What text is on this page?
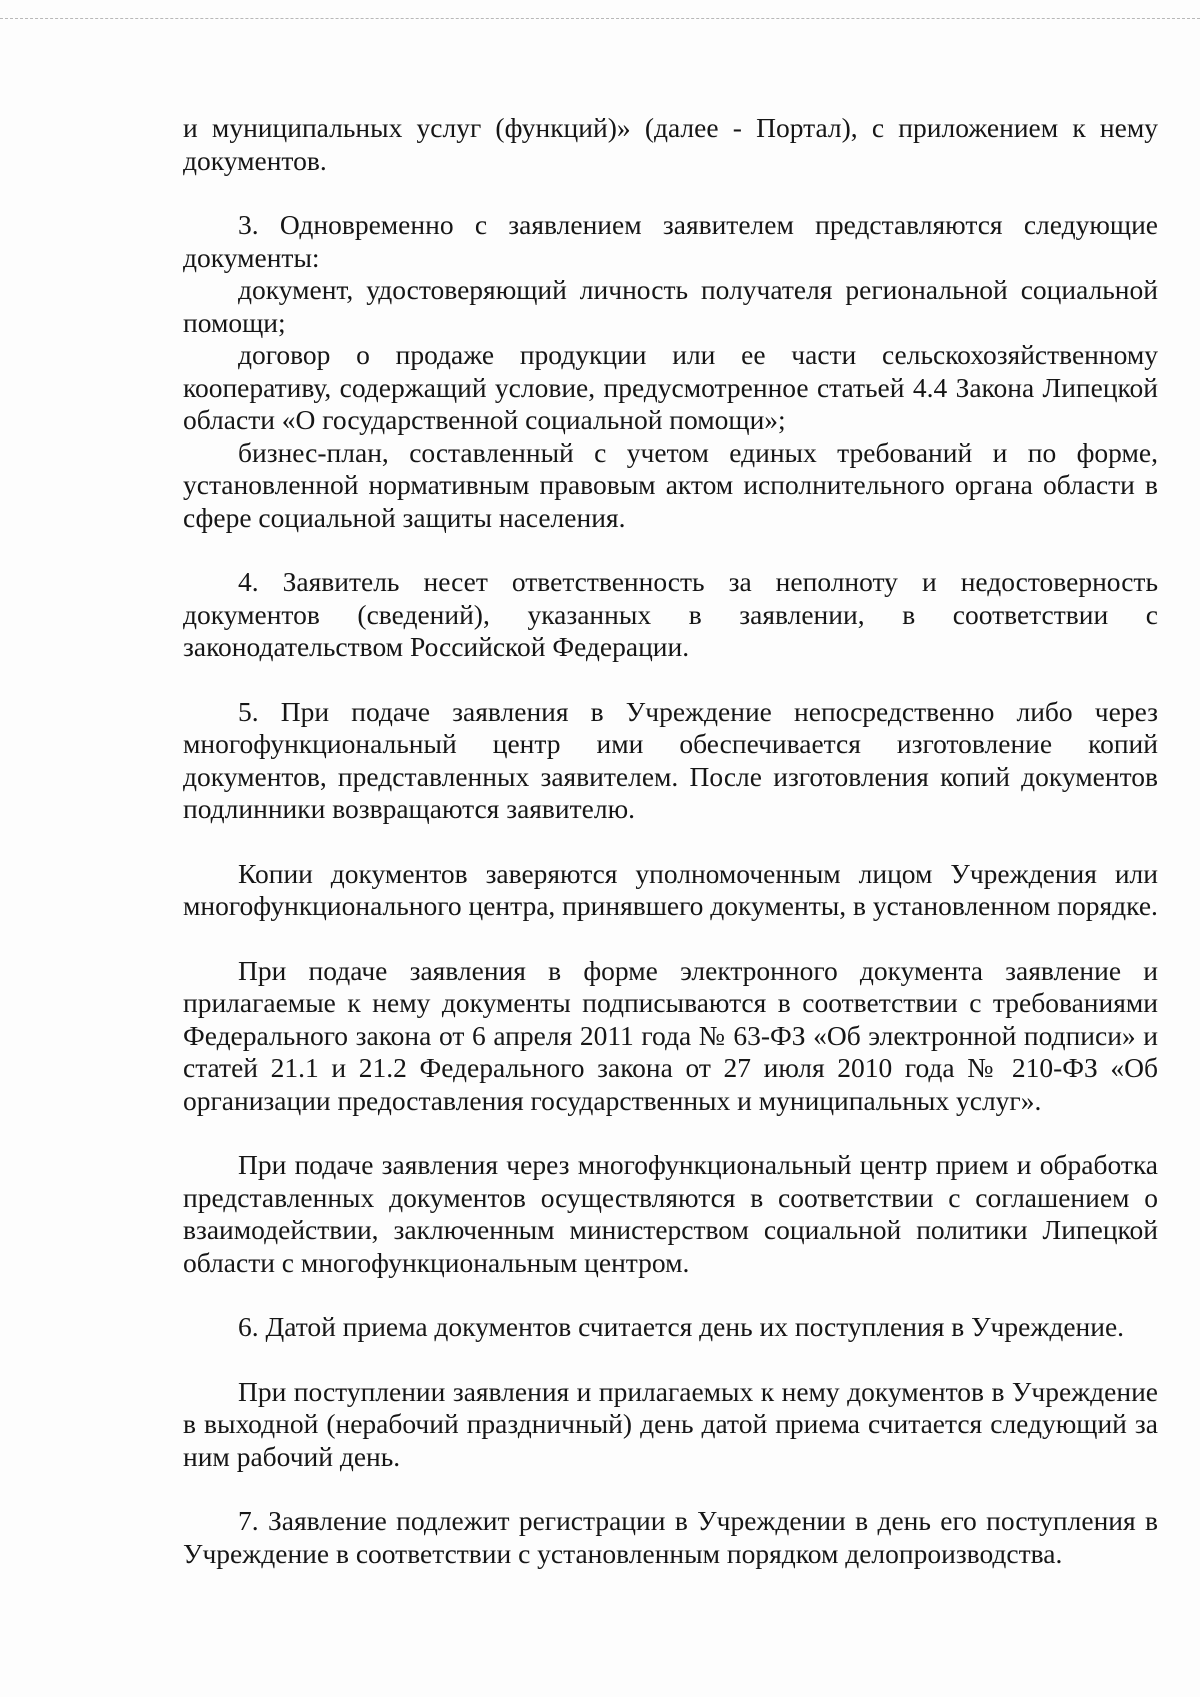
и муниципальных услуг (функций)» (далее - Портал), с приложением к нему документов.

3. Одновременно с заявлением заявителем представляются следующие документы:

документ, удостоверяющий личность получателя региональной социальной помощи;

договор о продаже продукции или ее части сельскохозяйственному кооперативу, содержащий условие, предусмотренное статьей 4.4 Закона Липецкой области «О государственной социальной помощи»;

бизнес-план, составленный с учетом единых требований и по форме, установленной нормативным правовым актом исполнительного органа области в сфере социальной защиты населения.

4. Заявитель несет ответственность за неполноту и недостоверность документов (сведений), указанных в заявлении, в соответствии с законодательством Российской Федерации.

5. При подаче заявления в Учреждение непосредственно либо через многофункциональный центр ими обеспечивается изготовление копий документов, представленных заявителем. После изготовления копий документов подлинники возвращаются заявителю.

Копии документов заверяются уполномоченным лицом Учреждения или многофункционального центра, принявшего документы, в установленном порядке.

При подаче заявления в форме электронного документа заявление и прилагаемые к нему документы подписываются в соответствии с требованиями Федерального закона от 6 апреля 2011 года № 63-ФЗ «Об электронной подписи» и статей 21.1 и 21.2 Федерального закона от 27 июля 2010 года № 210-ФЗ «Об организации предоставления государственных и муниципальных услуг».

При подаче заявления через многофункциональный центр прием и обработка представленных документов осуществляются в соответствии с соглашением о взаимодействии, заключенным министерством социальной политики Липецкой области с многофункциональным центром.

6. Датой приема документов считается день их поступления в Учреждение.

При поступлении заявления и прилагаемых к нему документов в Учреждение в выходной (нерабочий праздничный) день датой приема считается следующий за ним рабочий день.

7. Заявление подлежит регистрации в Учреждении в день его поступления в Учреждение в соответствии с установленным порядком делопроизводства.
